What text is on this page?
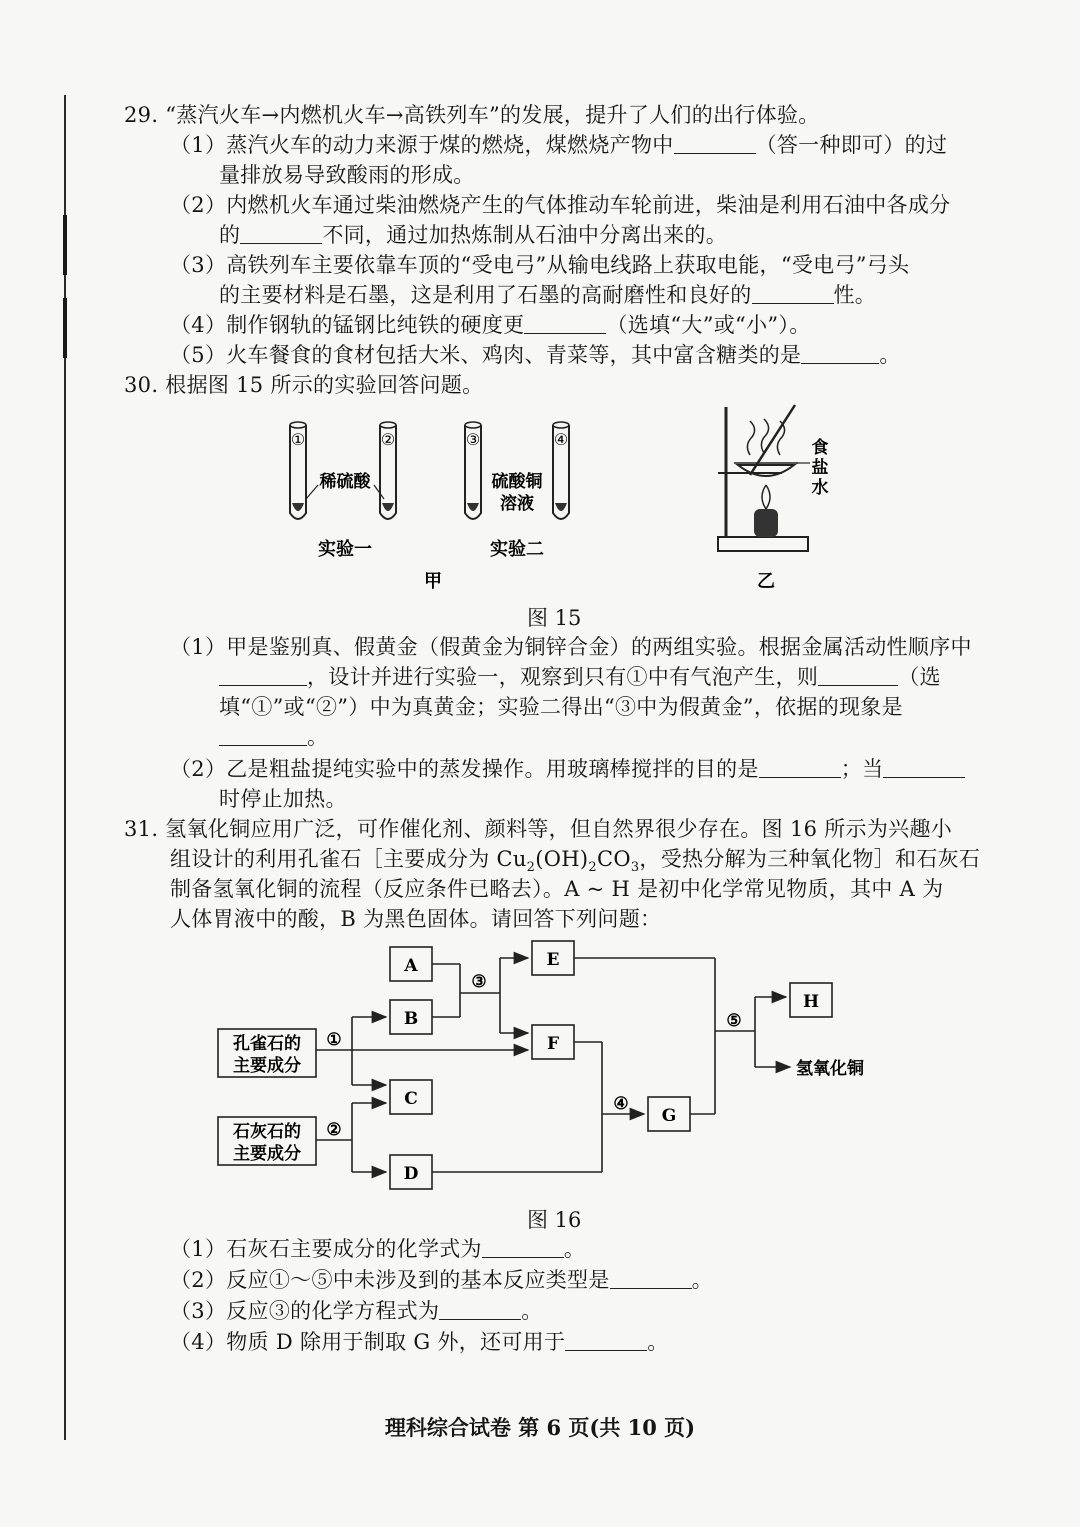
29. “蒸汽火车→内燃机火车→高铁列车”的发展，提升了人们的出行体验。
（1）蒸汽火车的动力来源于煤的燃烧，煤燃烧产物中	（答一种即可）的过
量排放易导致酸雨的形成。
（2）内燃机火车通过柴油燃烧产生的气体推动车轮前进，柴油是利用石油中各成分
的	不同，通过加热炼制从石油中分离出来的。
（3）高铁列车主要依靠车顶的“受电弓”从输电线路上获取电能，“受电弓”弓头
的主要材料是石墨，这是利用了石墨的高耐磨性和良好的	性。
（4）制作钢轨的锰钢比纯铁的硬度更	（选填“大”或“小”）。
（5）火车餐食的食材包括大米、鸡肉、青菜等，其中富含糖类的是	。
30. 根据图 15 所示的实验回答问题。
①	②	③	④
稀硫酸	硫酸铜
溶液
实验一	实验二
甲
食
盐
水
乙
图 15
（1）甲是鉴别真、假黄金（假黄金为铜锌合金）的两组实验。根据金属活动性顺序中
，设计并进行实验一，观察到只有①中有气泡产生，则	（选
填“①”或“②”）中为真黄金；实验二得出“③中为假黄金”，依据的现象是
。
（2）乙是粗盐提纯实验中的蒸发操作。用玻璃棒搅拌的目的是	；当
时停止加热。
31. 氢氧化铜应用广泛，可作催化剂、颜料等，但自然界很少存在。图 16 所示为兴趣小
组设计的利用孔雀石［主要成分为 $Cu_2(OH)_2CO_3$，受热分解为三种氧化物］和石灰石
制备氢氧化铜的流程（反应条件已略去）。A ~ H 是初中化学常见物质，其中 A 为
人体胃液中的酸，B 为黑色固体。请回答下列问题：
孔雀石的
主要成分
石灰石的
主要成分
A
B
C
D
E
F
G
H
①
②
③
④
⑤
氢氧化铜
图 16
（1）石灰石主要成分的化学式为	。
（2）反应①～⑤中未涉及到的基本反应类型是	。
（3）反应③的化学方程式为	。
（4）物质 D 除用于制取 G 外，还可用于	。
理科综合试卷 第 6 页(共 10 页)
